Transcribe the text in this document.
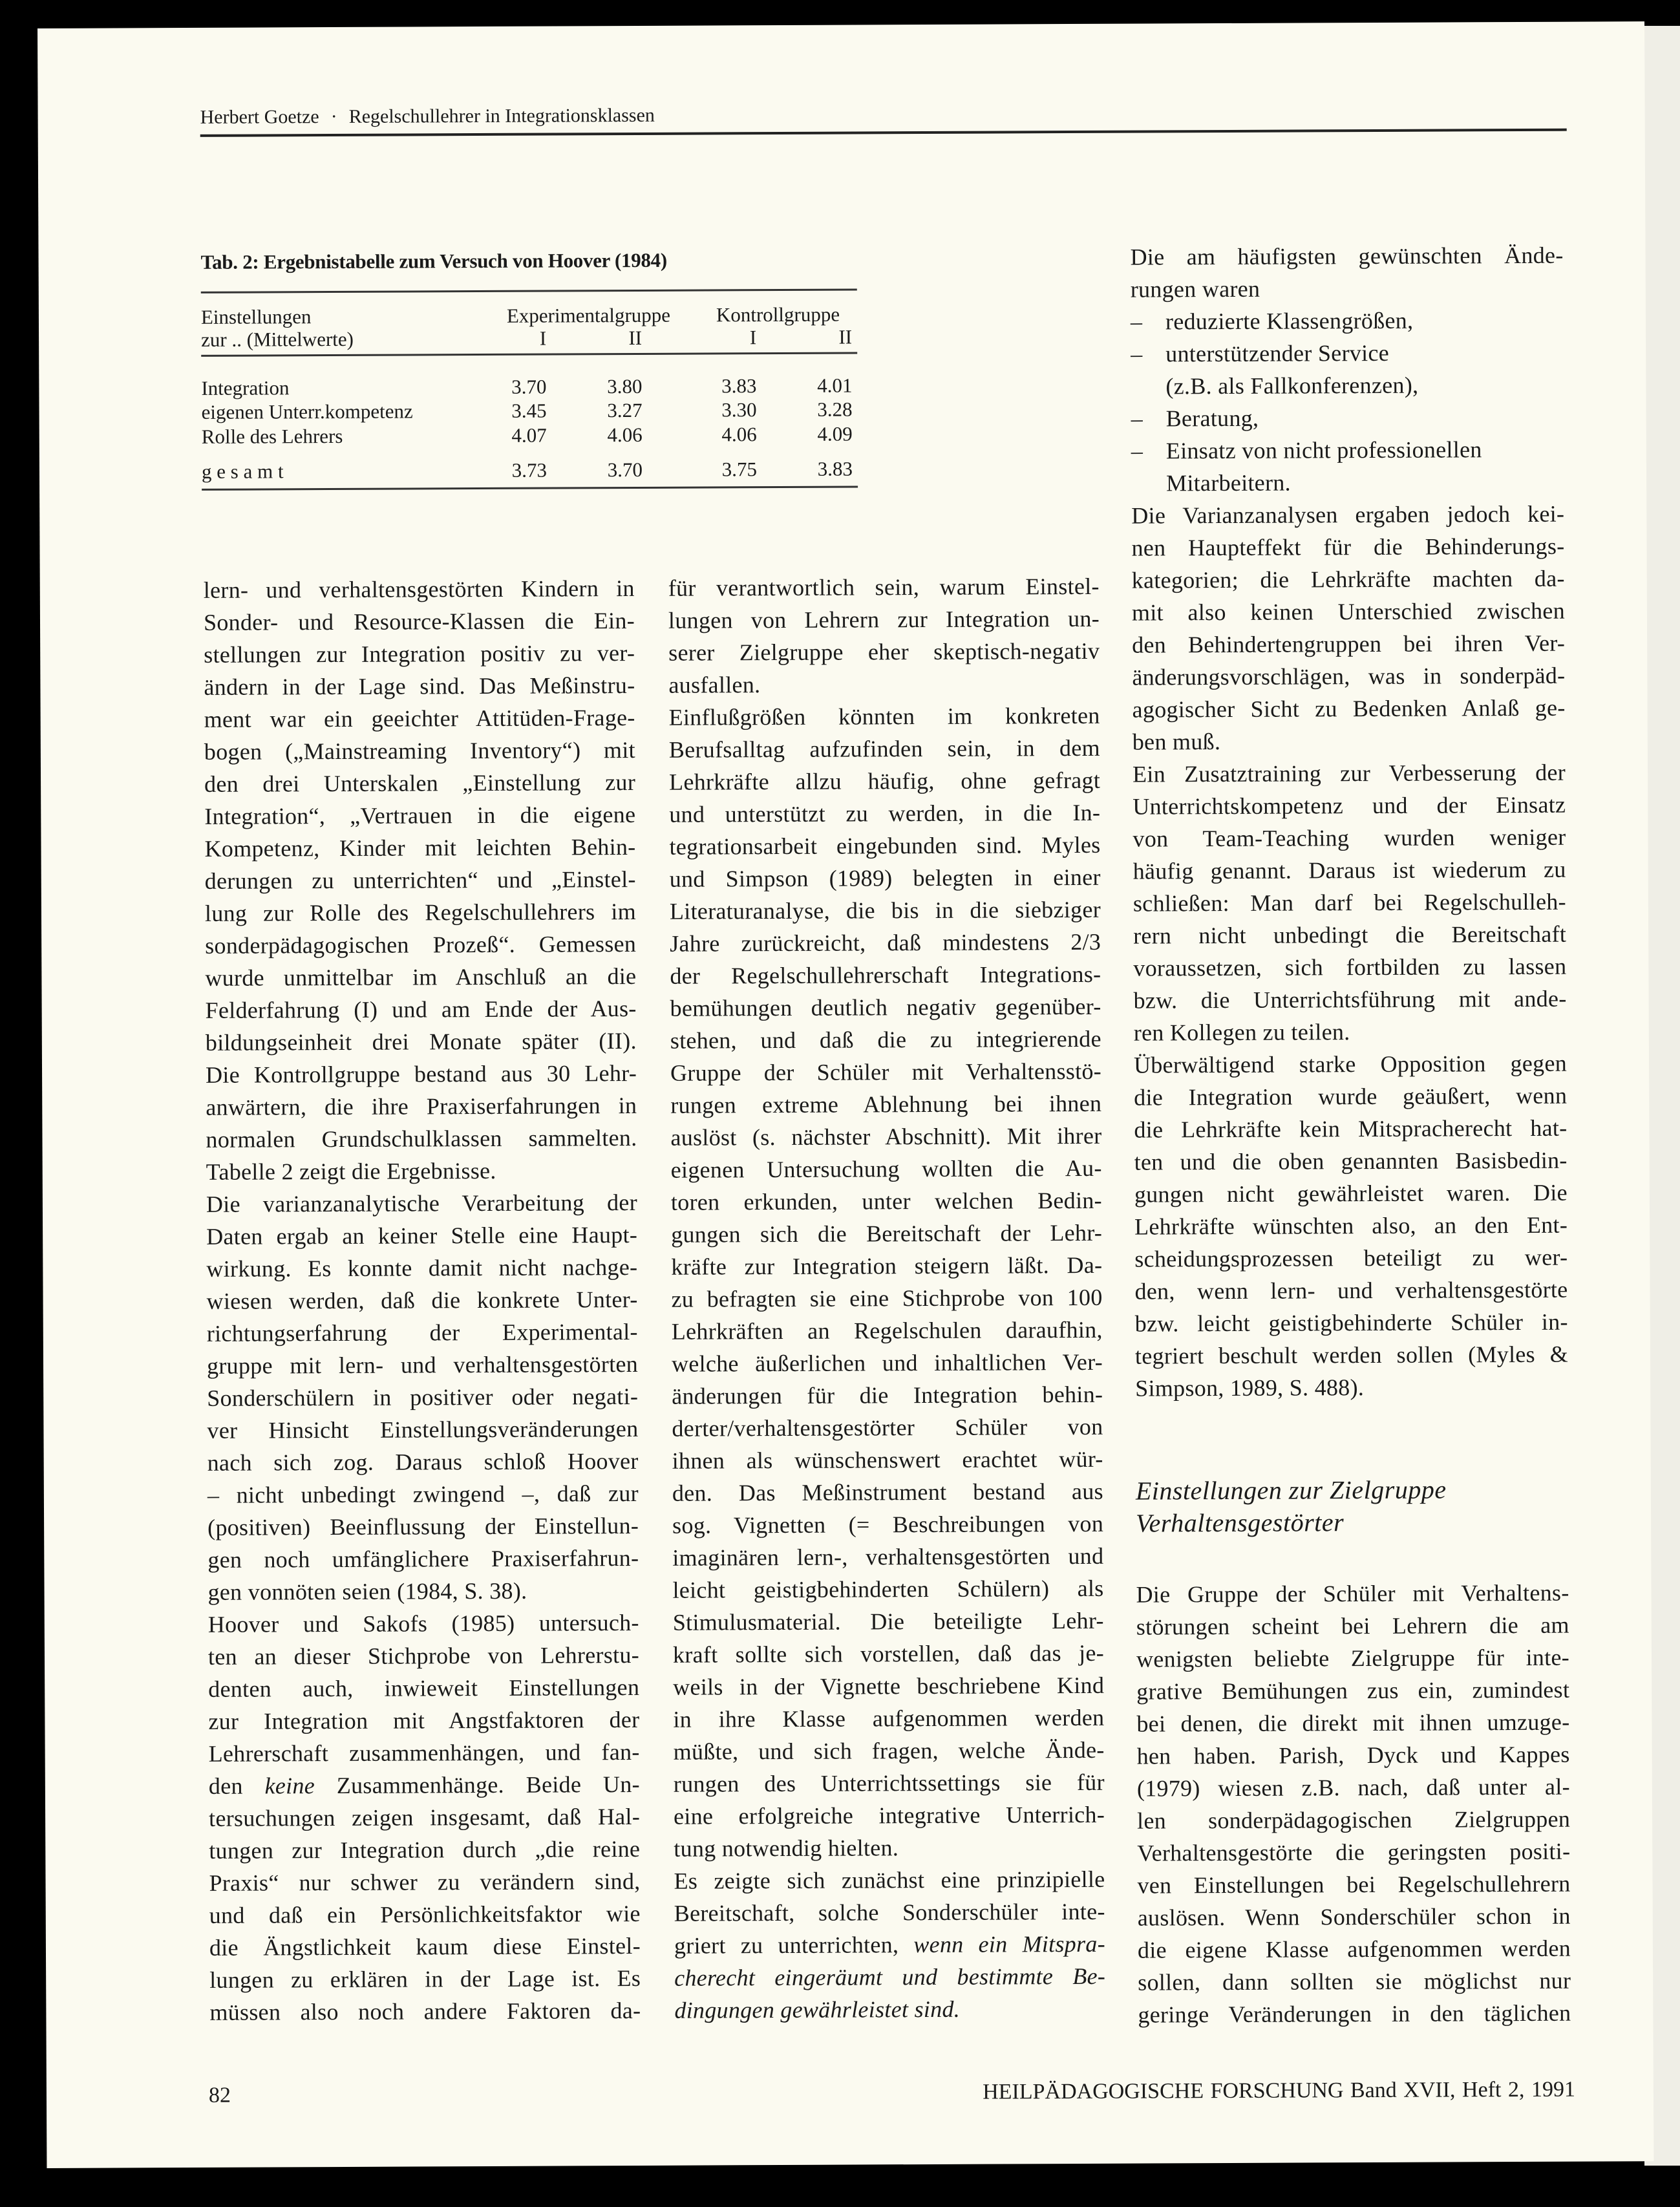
Herbert Goetze · Regelschullehrer in Integrationsklassen
Tab. 2: Ergebnistabelle zum Versuch von Hoover (1984)
Einstellungen
zur .. (Mittelwerte)
Experimentalgruppe Kontrollgruppe
I	II	I	II
Integration	3.70	3.80	3.83	4.01
eigenen Unterr.kompetenz	3.45	3.27	3.30	3.28
Rolle des Lehrers	4.07	4.06	4.06	4.09
g e s a m t	3.73	3.70	3.75	3.83
lern- und verhaltensgestörten Kindern in
Sonder- und Resource-Klassen die Ein-
stellungen zur Integration positiv zu ver-
ändern in der Lage sind. Das Meßinstru-
ment war ein geeichter Attitüden-Frage-
bogen („Mainstreaming Inventory“) mit
den drei Unterskalen „Einstellung zur
Integration“, „Vertrauen in die eigene
Kompetenz, Kinder mit leichten Behin-
derungen zu unterrichten“ und „Einstel-
lung zur Rolle des Regelschullehrers im
sonderpädagogischen Prozeß“. Gemessen
wurde unmittelbar im Anschluß an die
Felderfahrung (I) und am Ende der Aus-
bildungseinheit drei Monate später (II).
Die Kontrollgruppe bestand aus 30 Lehr-
anwärtern, die ihre Praxiserfahrungen in
normalen Grundschulklassen sammelten.
Tabelle 2 zeigt die Ergebnisse.
Die varianzanalytische Verarbeitung der
Daten ergab an keiner Stelle eine Haupt-
wirkung. Es konnte damit nicht nachge-
wiesen werden, daß die konkrete Unter-
richtungserfahrung der Experimental-
gruppe mit lern- und verhaltensgestörten
Sonderschülern in positiver oder negati-
ver Hinsicht Einstellungsveränderungen
nach sich zog. Daraus schloß Hoover
– nicht unbedingt zwingend –, daß zur
(positiven) Beeinflussung der Einstellun-
gen noch umfänglichere Praxiserfahrun-
gen vonnöten seien (1984, S. 38).
Hoover und Sakofs (1985) untersuch-
ten an dieser Stichprobe von Lehrerstu-
denten auch, inwieweit Einstellungen
zur Integration mit Angstfaktoren der
Lehrerschaft zusammenhängen, und fan-
den keine Zusammenhänge. Beide Un-
tersuchungen zeigen insgesamt, daß Hal-
tungen zur Integration durch „die reine
Praxis“ nur schwer zu verändern sind,
und daß ein Persönlichkeitsfaktor wie
die Ängstlichkeit kaum diese Einstel-
lungen zu erklären in der Lage ist. Es
müssen also noch andere Faktoren da-
für verantwortlich sein, warum Einstel-
lungen von Lehrern zur Integration un-
serer Zielgruppe eher skeptisch-negativ
ausfallen.
Einflußgrößen könnten im konkreten
Berufsalltag aufzufinden sein, in dem
Lehrkräfte allzu häufig, ohne gefragt
und unterstützt zu werden, in die In-
tegrationsarbeit eingebunden sind. Myles
und Simpson (1989) belegten in einer
Literaturanalyse, die bis in die siebziger
Jahre zurückreicht, daß mindestens 2/3
der Regelschullehrerschaft Integrations-
bemühungen deutlich negativ gegenüber-
stehen, und daß die zu integrierende
Gruppe der Schüler mit Verhaltensstö-
rungen extreme Ablehnung bei ihnen
auslöst (s. nächster Abschnitt). Mit ihrer
eigenen Untersuchung wollten die Au-
toren erkunden, unter welchen Bedin-
gungen sich die Bereitschaft der Lehr-
kräfte zur Integration steigern läßt. Da-
zu befragten sie eine Stichprobe von 100
Lehrkräften an Regelschulen daraufhin,
welche äußerlichen und inhaltlichen Ver-
änderungen für die Integration behin-
derter/verhaltensgestörter Schüler von
ihnen als wünschenswert erachtet wür-
den. Das Meßinstrument bestand aus
sog. Vignetten (= Beschreibungen von
imaginären lern-, verhaltensgestörten und
leicht geistigbehinderten Schülern) als
Stimulusmaterial. Die beteiligte Lehr-
kraft sollte sich vorstellen, daß das je-
weils in der Vignette beschriebene Kind
in ihre Klasse aufgenommen werden
müßte, und sich fragen, welche Ände-
rungen des Unterrichtssettings sie für
eine erfolgreiche integrative Unterrich-
tung notwendig hielten.
Es zeigte sich zunächst eine prinzipielle
Bereitschaft, solche Sonderschüler inte-
griert zu unterrichten, wenn ein Mitspra-
cherecht eingeräumt und bestimmte Be-
dingungen gewährleistet sind.
Die am häufigsten gewünschten Ände-
rungen waren
– reduzierte Klassengrößen,
– unterstützender Service
(z.B. als Fallkonferenzen),
– Beratung,
– Einsatz von nicht professionellen
Mitarbeitern.
Die Varianzanalysen ergaben jedoch kei-
nen Haupteffekt für die Behinderungs-
kategorien; die Lehrkräfte machten da-
mit also keinen Unterschied zwischen
den Behindertengruppen bei ihren Ver-
änderungsvorschlägen, was in sonderpäd-
agogischer Sicht zu Bedenken Anlaß ge-
ben muß.
Ein Zusatztraining zur Verbesserung der
Unterrichtskompetenz und der Einsatz
von Team-Teaching wurden weniger
häufig genannt. Daraus ist wiederum zu
schließen: Man darf bei Regelschulleh-
rern nicht unbedingt die Bereitschaft
voraussetzen, sich fortbilden zu lassen
bzw. die Unterrichtsführung mit ande-
ren Kollegen zu teilen.
Überwältigend starke Opposition gegen
die Integration wurde geäußert, wenn
die Lehrkräfte kein Mitspracherecht hat-
ten und die oben genannten Basisbedin-
gungen nicht gewährleistet waren. Die
Lehrkräfte wünschten also, an den Ent-
scheidungsprozessen beteiligt zu wer-
den, wenn lern- und verhaltensgestörte
bzw. leicht geistigbehinderte Schüler in-
tegriert beschult werden sollen (Myles &
Simpson, 1989, S. 488).
Einstellungen zur Zielgruppe
Verhaltensgestörter
Die Gruppe der Schüler mit Verhaltens-
störungen scheint bei Lehrern die am
wenigsten beliebte Zielgruppe für inte-
grative Bemühungen zus ein, zumindest
bei denen, die direkt mit ihnen umzuge-
hen haben. Parish, Dyck und Kappes
(1979) wiesen z.B. nach, daß unter al-
len sonderpädagogischen Zielgruppen
Verhaltensgestörte die geringsten positi-
ven Einstellungen bei Regelschullehrern
auslösen. Wenn Sonderschüler schon in
die eigene Klasse aufgenommen werden
sollen, dann sollten sie möglichst nur
geringe Veränderungen in den täglichen
82	HEILPÄDAGOGISCHE FORSCHUNG Band XVII, Heft 2, 1991
